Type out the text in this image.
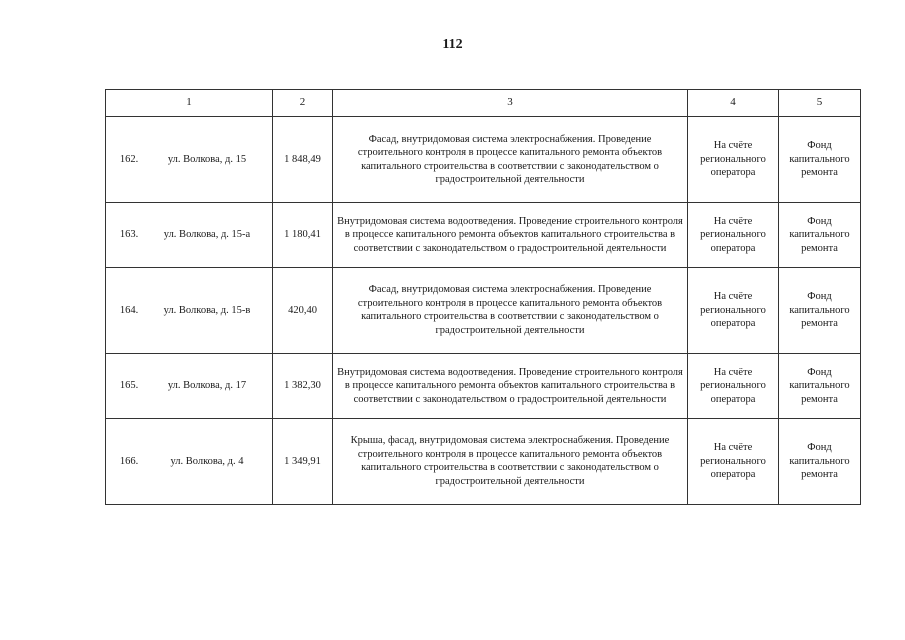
112
1	2	3	4	5

162. ул. Волкова, д. 15	1 848,49	Фасад, внутридомовая система электроснабжения. Проведение строительного контроля в процессе капитального ремонта объектов капитального строительства в соответствии с законодательством о градостроительной деятельности	На счёте регионального оператора	Фонд капитального ремонта

163. ул. Волкова, д. 15-а	1 180,41	Внутридомовая система водоотведения. Проведение строительного контроля в процессе капитального ремонта объектов капитального строительства в соответствии с законодательством о градостроительной деятельности	На счёте регионального оператора	Фонд капитального ремонта

164. ул. Волкова, д. 15-в	420,40	Фасад, внутридомовая система электроснабжения. Проведение строительного контроля в процессе капитального ремонта объектов капитального строительства в соответствии с законодательством о градостроительной деятельности	На счёте регионального оператора	Фонд капитального ремонта

165. ул. Волкова, д. 17	1 382,30	Внутридомовая система водоотведения. Проведение строительного контроля в процессе капитального ремонта объектов капитального строительства в соответствии с законодательством о градостроительной деятельности	На счёте регионального оператора	Фонд капитального ремонта

166. ул. Волкова, д. 4	1 349,91	Крыша, фасад, внутридомовая система электроснабжения. Проведение строительного контроля в процессе капитального ремонта объектов капитального строительства в соответствии с законодательством о градостроительной деятельности	На счёте регионального оператора	Фонд капитального ремонта
